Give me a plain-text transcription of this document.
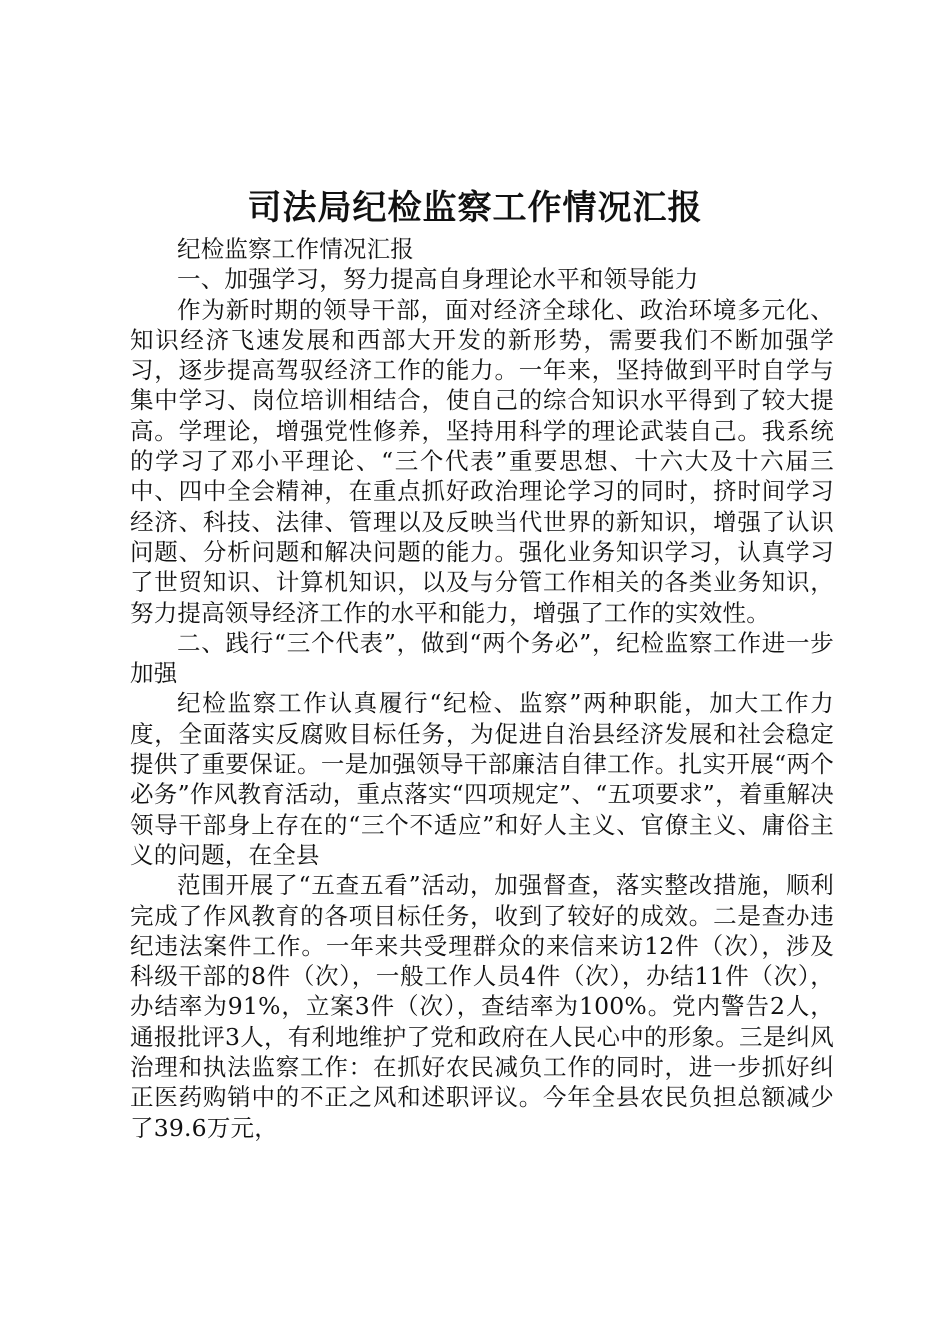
司法局纪检监察工作情况汇报

纪检监察工作情况汇报

一、加强学习，努力提高自身理论水平和领导能力

作为新时期的领导干部，面对经济全球化、政治环境多元化、知识经济飞速发展和西部大开发的新形势，需要我们不断加强学习，逐步提高驾驭经济工作的能力。一年来，坚持做到平时自学与集中学习、岗位培训相结合，使自己的综合知识水平得到了较大提高。学理论，增强党性修养，坚持用科学的理论武装自己。我系统的学习了邓小平理论、“三个代表”重要思想、十六大及十六届三中、四中全会精神，在重点抓好政治理论学习的同时，挤时间学习经济、科技、法律、管理以及反映当代世界的新知识，增强了认识问题、分析问题和解决问题的能力。强化业务知识学习，认真学习了世贸知识、计算机知识，以及与分管工作相关的各类业务知识，努力提高领导经济工作的水平和能力，增强了工作的实效性。

二、践行“三个代表”，做到“两个务必”，纪检监察工作进一步加强

纪检监察工作认真履行“纪检、监察”两种职能，加大工作力度，全面落实反腐败目标任务，为促进自治县经济发展和社会稳定提供了重要保证。一是加强领导干部廉洁自律工作。扎实开展“两个必务”作风教育活动，重点落实“四项规定”、“五项要求”，着重解决领导干部身上存在的“三个不适应”和好人主义、官僚主义、庸俗主义的问题，在全县

范围开展了“五查五看”活动，加强督查，落实整改措施，顺利完成了作风教育的各项目标任务，收到了较好的成效。二是查办违纪违法案件工作。一年来共受理群众的来信来访12件（次），涉及科级干部的8件（次），一般工作人员4件（次），办结11件（次），办结率为91%，立案3件（次），查结率为100%。党内警告2人，通报批评3人，有利地维护了党和政府在人民心中的形象。三是纠风治理和执法监察工作：在抓好农民减负工作的同时，进一步抓好纠正医药购销中的不正之风和述职评议。今年全县农民负担总额减少了39.6万元，
